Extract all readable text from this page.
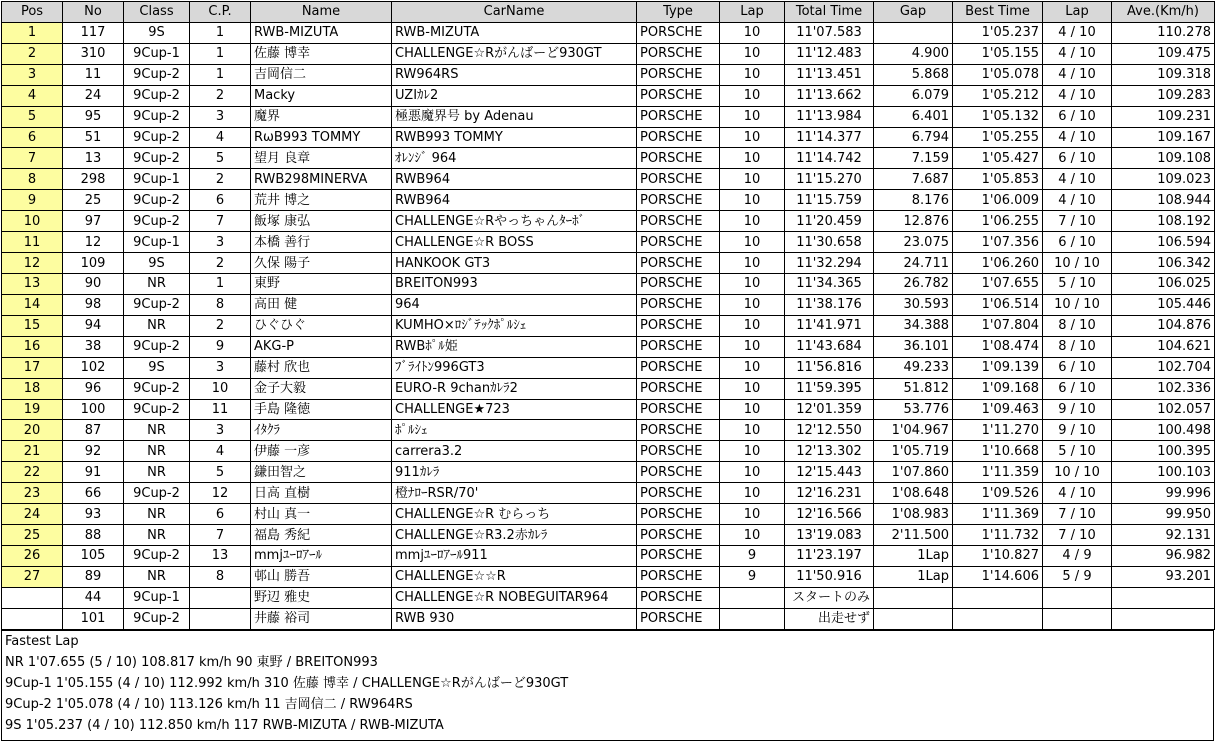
Pos	No	Class	C.P.	Name	CarName	Type	Lap	Total Time	Gap	Best Time	Lap	Ave.(Km/h)
1	117	9S	1	RWB-MIZUTA	RWB-MIZUTA	PORSCHE	10	11'07.583		1'05.237	4 / 10	110.278
2	310	9Cup-1	1	佐藤 博幸	CHALLENGE☆Rがんばーど930GT	PORSCHE	10	11'12.483	4.900	1'05.155	4 / 10	109.475
3	11	9Cup-2	1	吉岡信二	RW964RS	PORSCHE	10	11'13.451	5.868	1'05.078	4 / 10	109.318
4	24	9Cup-2	2	Macky	UZIｶﾚ2	PORSCHE	10	11'13.662	6.079	1'05.212	4 / 10	109.283
5	95	9Cup-2	3	魔界	極悪魔界号 by Adenau	PORSCHE	10	11'13.984	6.401	1'05.132	6 / 10	109.231
6	51	9Cup-2	4	RωB993 TOMMY	RWB993 TOMMY	PORSCHE	10	11'14.377	6.794	1'05.255	4 / 10	109.167
7	13	9Cup-2	5	望月 良章	ｵﾚﾝｼﾞ 964	PORSCHE	10	11'14.742	7.159	1'05.427	6 / 10	109.108
8	298	9Cup-1	2	RWB298MINERVA	RWB964	PORSCHE	10	11'15.270	7.687	1'05.853	4 / 10	109.023
9	25	9Cup-2	6	荒井 博之	RWB964	PORSCHE	10	11'15.759	8.176	1'06.009	4 / 10	108.944
10	97	9Cup-2	7	飯塚 康弘	CHALLENGE☆Rやっちゃんﾀｰﾎﾞ	PORSCHE	10	11'20.459	12.876	1'06.255	7 / 10	108.192
11	12	9Cup-1	3	本橋 善行	CHALLENGE☆R BOSS	PORSCHE	10	11'30.658	23.075	1'07.356	6 / 10	106.594
12	109	9S	2	久保 陽子	HANKOOK GT3	PORSCHE	10	11'32.294	24.711	1'06.260	10 / 10	106.342
13	90	NR	1	東野	BREITON993	PORSCHE	10	11'34.365	26.782	1'07.655	5 / 10	106.025
14	98	9Cup-2	8	高田 健	964	PORSCHE	10	11'38.176	30.593	1'06.514	10 / 10	105.446
15	94	NR	2	ひぐひぐ	KUMHO×ﾛｼﾞﾃｯｸﾎﾟﾙｼｪ	PORSCHE	10	11'41.971	34.388	1'07.804	8 / 10	104.876
16	38	9Cup-2	9	AKG-P	RWBﾎﾟﾙ姫	PORSCHE	10	11'43.684	36.101	1'08.474	8 / 10	104.621
17	102	9S	3	藤村 欣也	ﾌﾞﾗｲﾄﾝ996GT3	PORSCHE	10	11'56.816	49.233	1'09.139	6 / 10	102.704
18	96	9Cup-2	10	金子大毅	EURO-R 9chanｶﾚﾗ2	PORSCHE	10	11'59.395	51.812	1'09.168	6 / 10	102.336
19	100	9Cup-2	11	手島 隆徳	CHALLENGE★723	PORSCHE	10	12'01.359	53.776	1'09.463	9 / 10	102.057
20	87	NR	3	ｲﾀｸﾗ	ﾎﾟﾙｼｪ	PORSCHE	10	12'12.550	1'04.967	1'11.270	9 / 10	100.498
21	92	NR	4	伊藤 一彦	carrera3.2	PORSCHE	10	12'13.302	1'05.719	1'10.668	5 / 10	100.395
22	91	NR	5	鎌田智之	911ｶﾚﾗ	PORSCHE	10	12'15.443	1'07.860	1'11.359	10 / 10	100.103
23	66	9Cup-2	12	日高 直樹	橙ﾅﾛｰRSR/70'	PORSCHE	10	12'16.231	1'08.648	1'09.526	4 / 10	99.996
24	93	NR	6	村山 真一	CHALLENGE☆R むらっち	PORSCHE	10	12'16.566	1'08.983	1'11.369	7 / 10	99.950
25	88	NR	7	福島 秀紀	CHALLENGE☆R3.2赤ｶﾚﾗ	PORSCHE	10	13'19.083	2'11.500	1'11.732	7 / 10	92.131
26	105	9Cup-2	13	mmjﾕｰﾛｱｰﾙ	mmjﾕｰﾛｱｰﾙ911	PORSCHE	9	11'23.197	1Lap	1'10.827	4 / 9	96.982
27	89	NR	8	邨山 勝吾	CHALLENGE☆☆R	PORSCHE	9	11'50.916	1Lap	1'14.606	5 / 9	93.201
	44	9Cup-1		野辺 雅史	CHALLENGE☆R NOBEGUITAR964	PORSCHE		スタートのみ				
	101	9Cup-2		井藤 裕司	RWB 930	PORSCHE		出走せず				
Fastest Lap
NR 1'07.655 (5 / 10) 108.817 km/h 90 東野 / BREITON993
9Cup-1 1'05.155 (4 / 10) 112.992 km/h 310 佐藤 博幸 / CHALLENGE☆Rがんばーど930GT
9Cup-2 1'05.078 (4 / 10) 113.126 km/h 11 吉岡信二 / RW964RS
9S 1'05.237 (4 / 10) 112.850 km/h 117 RWB-MIZUTA / RWB-MIZUTA
